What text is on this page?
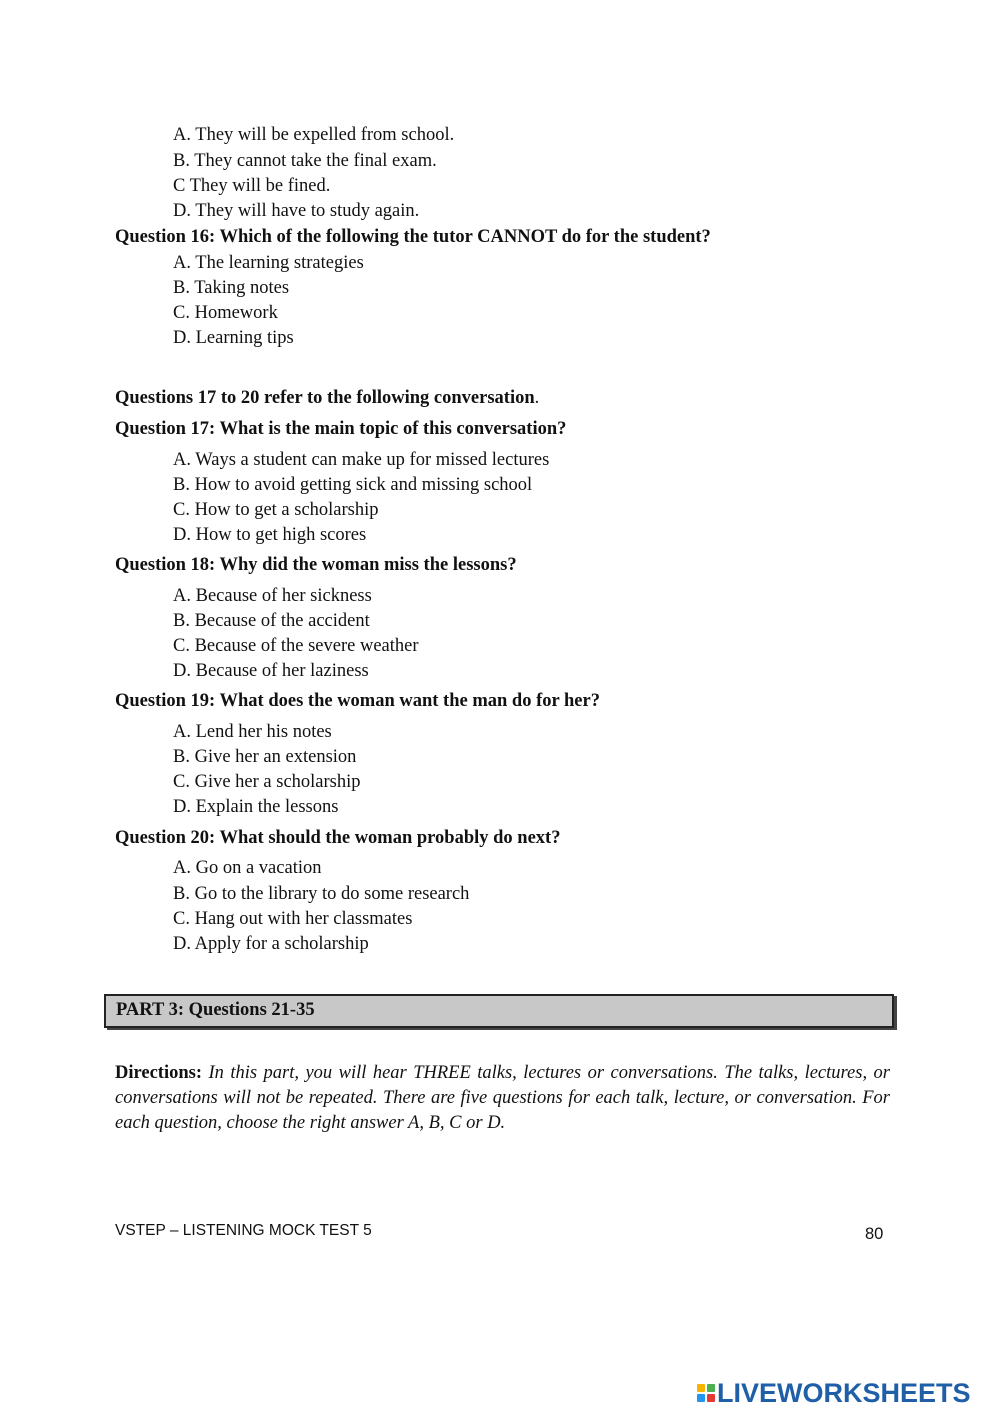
A. They will be expelled from school.
B. They cannot take the final exam.
C They will be fined.
D. They will have to study again.
Question 16: Which of the following the tutor CANNOT do for the student?
A. The learning strategies
B. Taking notes
C. Homework
D. Learning tips
Questions 17 to 20 refer to the following conversation.
Question 17: What is the main topic of this conversation?
A. Ways a student can make up for missed lectures
B. How to avoid getting sick and missing school
C. How to get a scholarship
D. How to get high scores
Question 18: Why did the woman miss the lessons?
A. Because of her sickness
B. Because of the accident
C. Because of the severe weather
D. Because of her laziness
Question 19: What does the woman want the man do for her?
A. Lend her his notes
B. Give her an extension
C. Give her a scholarship
D. Explain the lessons
Question 20: What should the woman probably do next?
A. Go on a vacation
B. Go to the library to do some research
C. Hang out with her classmates
D. Apply for a scholarship
PART 3: Questions 21-35
Directions: In this part, you will hear THREE talks, lectures or conversations. The talks, lectures, or conversations will not be repeated. There are five questions for each talk, lecture, or conversation. For each question, choose the right answer A, B, C or D.
VSTEP – LISTENING MOCK TEST 5	80
LIVEWORKSHEETS
